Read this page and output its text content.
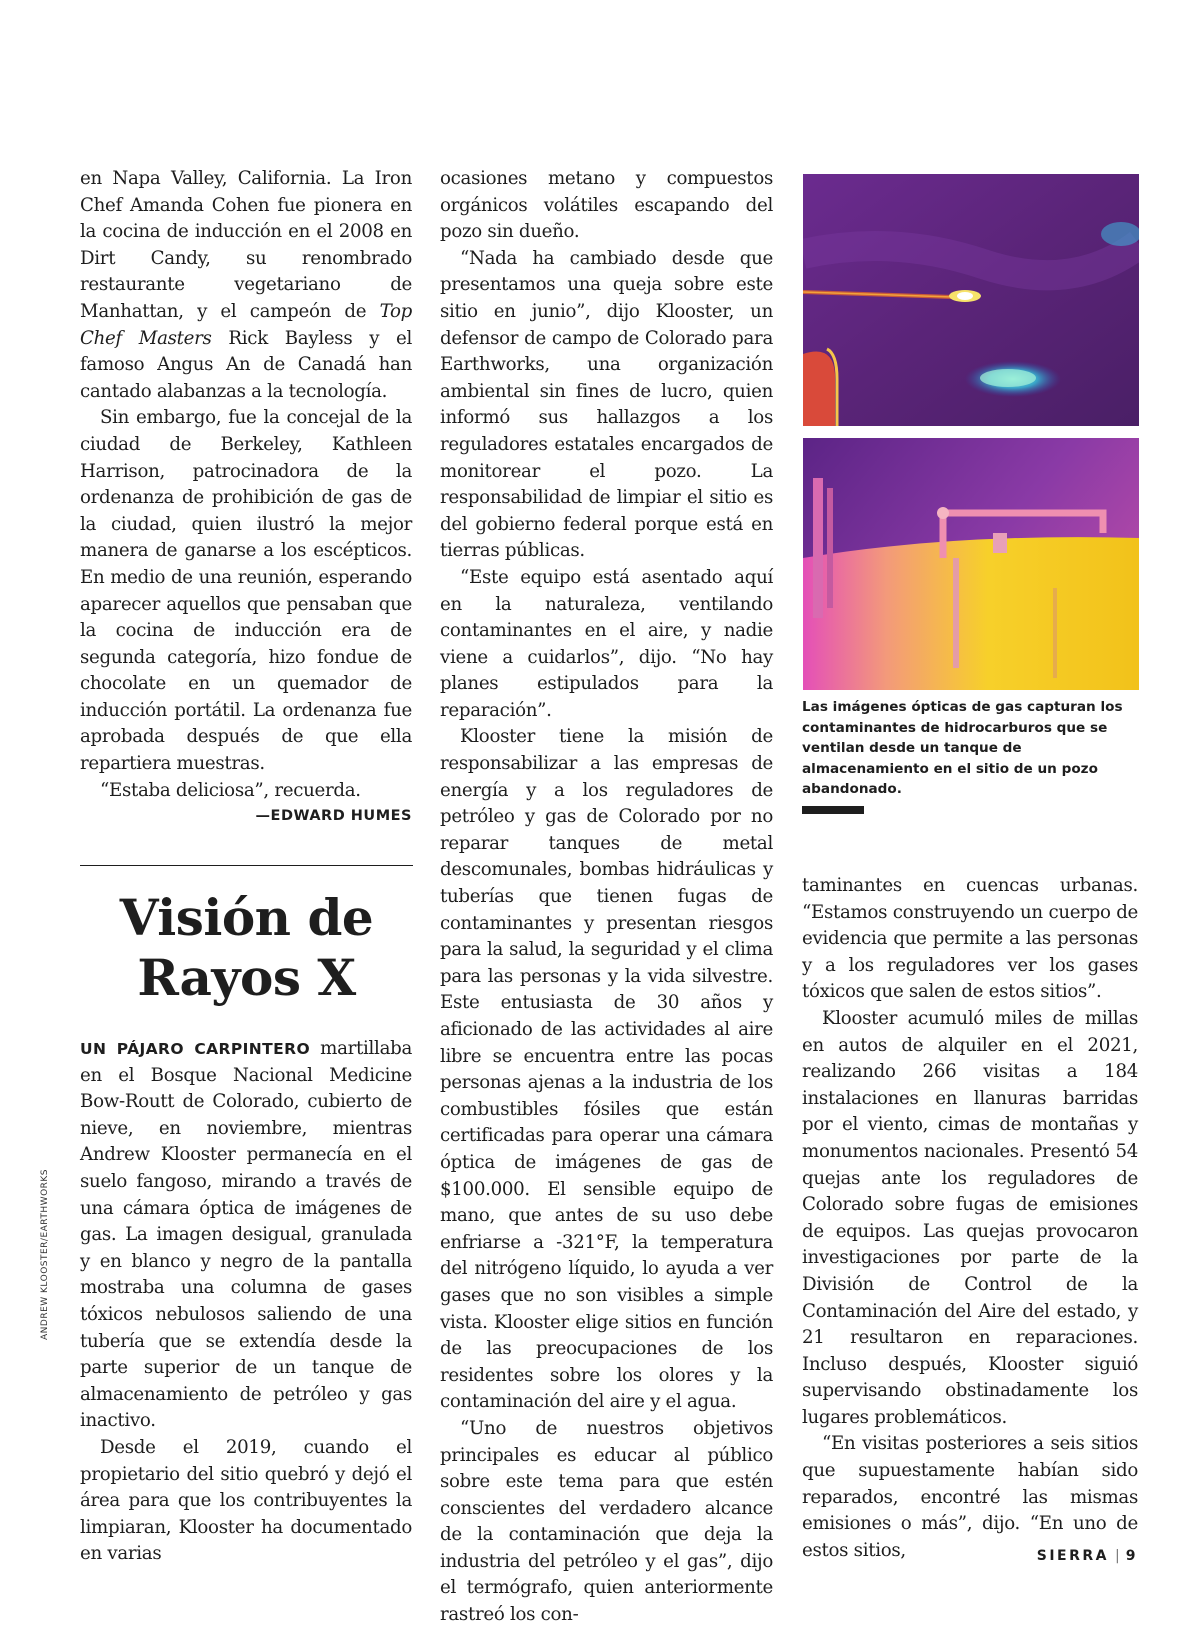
en Napa Valley, California. La Iron Chef Amanda Cohen fue pionera en la cocina de inducción en el 2008 en Dirt Candy, su renombrado restaurante vegetariano de Manhattan, y el campeón de Top Chef Masters Rick Bayless y el famoso Angus An de Canadá han cantado alabanzas a la tecnología.

Sin embargo, fue la concejal de la ciudad de Berkeley, Kathleen Harrison, patrocinadora de la ordenanza de prohibición de gas de la ciudad, quien ilustró la mejor manera de ganarse a los escépticos. En medio de una reunión, esperando aparecer aquellos que pensaban que la cocina de inducción era de segunda categoría, hizo fondue de chocolate en un quemador de inducción portátil. La ordenanza fue aprobada después de que ella repartiera muestras.

“Estaba deliciosa”, recuerda.

—EDWARD HUMES
Visión de
Rayos X

UN PÁJARO CARPINTERO martillaba en el Bosque Nacional Medicine Bow-Routt de Colorado, cubierto de nieve, en noviembre, mientras Andrew Klooster permanecía en el suelo fangoso, mirando a través de una cámara óptica de imágenes de gas. La imagen desigual, granulada y en blanco y negro de la pantalla mostraba una columna de gases tóxicos nebulosos saliendo de una tubería que se extendía desde la parte superior de un tanque de almacenamiento de petróleo y gas inactivo.

Desde el 2019, cuando el propietario del sitio quebró y dejó el área para que los contribuyentes la limpiaran, Klooster ha documentado en varias

ocasiones metano y compuestos orgánicos volátiles escapando del pozo sin dueño.

“Nada ha cambiado desde que presentamos una queja sobre este sitio en junio”, dijo Klooster, un defensor de campo de Colorado para Earthworks, una organización ambiental sin fines de lucro, quien informó sus hallazgos a los reguladores estatales encargados de monitorear el pozo. La responsabilidad de limpiar el sitio es del gobierno federal porque está en tierras públicas.

“Este equipo está asentado aquí en la naturaleza, ventilando contaminantes en el aire, y nadie viene a cuidarlos”, dijo. “No hay planes estipulados para la reparación”.

Klooster tiene la misión de responsabilizar a las empresas de energía y a los reguladores de petróleo y gas de Colorado por no reparar tanques de metal descomunales, bombas hidráulicas y tuberías que tienen fugas de contaminantes y presentan riesgos para la salud, la seguridad y el clima para las personas y la vida silvestre. Este entusiasta de 30 años y aficionado de las actividades al aire libre se encuentra entre las pocas personas ajenas a la industria de los combustibles fósiles que están certificadas para operar una cámara óptica de imágenes de gas de $100.000. El sensible equipo de mano, que antes de su uso debe enfriarse a -321°F, la temperatura del nitrógeno líquido, lo ayuda a ver gases que no son visibles a simple vista. Klooster elige sitios en función de las preocupaciones de los residentes sobre los olores y la contaminación del aire y el agua.

“Uno de nuestros objetivos principales es educar al público sobre este tema para que estén conscientes del verdadero alcance de la contaminación que deja la industria del petróleo y el gas”, dijo el termógrafo, quien anteriormente rastreó los con-

Las imágenes ópticas de gas capturan los contaminantes de hidrocarburos que se ventilan desde un tanque de almacenamiento en el sitio de un pozo abandonado.

taminantes en cuencas urbanas. “Estamos construyendo un cuerpo de evidencia que permite a las personas y a los reguladores ver los gases tóxicos que salen de estos sitios”.

Klooster acumuló miles de millas en autos de alquiler en el 2021, realizando 266 visitas a 184 instalaciones en llanuras barridas por el viento, cimas de montañas y monumentos nacionales. Presentó 54 quejas ante los reguladores de Colorado sobre fugas de emisiones de equipos. Las quejas provocaron investigaciones por parte de la División de Control de la Contaminación del Aire del estado, y 21 resultaron en reparaciones. Incluso después, Klooster siguió supervisando obstinadamente los lugares problemáticos.

“En visitas posteriores a seis sitios que supuestamente habían sido reparados, encontré las mismas emisiones o más”, dijo. “En uno de estos sitios,

ANDREW KLOOSTER/EARTHWORKS
SIERRA | 9
